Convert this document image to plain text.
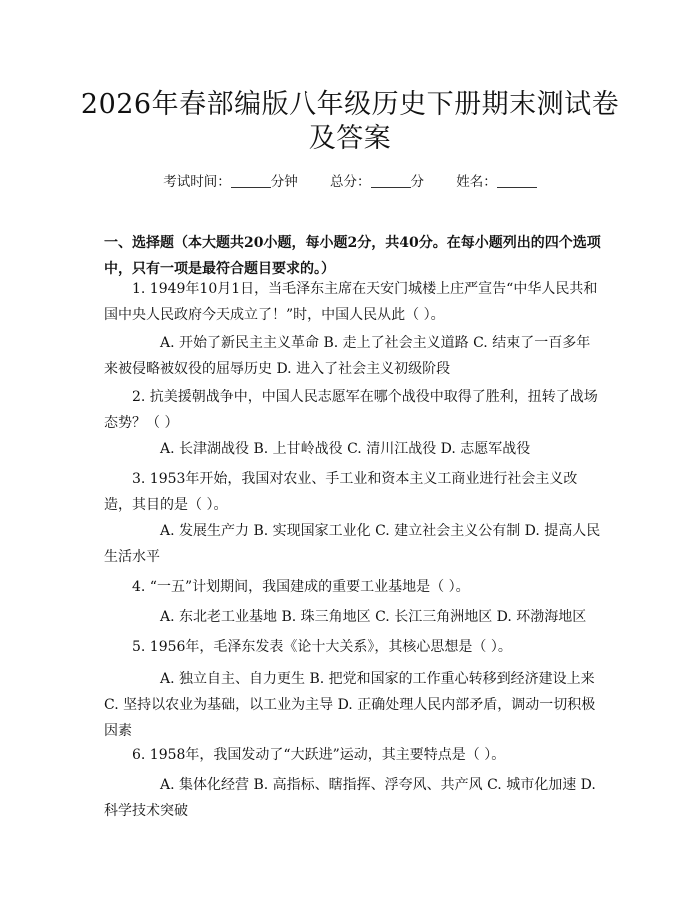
2026年春部编版八年级历史下册期末测试卷
及答案
考试时间：	分钟 总分：	分 姓名：
一、选择题（本大题共20小题，每小题2分，共40分。在每小题列出的四个选项中，只有一项是最符合题目要求的。）
1. 1949年10月1日，当毛泽东主席在天安门城楼上庄严宣告“中华人民共和国中央人民政府今天成立了！”时，中国人民从此（ ）。
A. 开始了新民主主义革命 B. 走上了社会主义道路 C. 结束了一百多年来被侵略被奴役的屈辱历史 D. 进入了社会主义初级阶段
2. 抗美援朝战争中，中国人民志愿军在哪个战役中取得了胜利，扭转了战场态势？（ ）
A. 长津湖战役 B. 上甘岭战役 C. 清川江战役 D. 志愿军战役
3. 1953年开始，我国对农业、手工业和资本主义工商业进行社会主义改造，其目的是（ ）。
A. 发展生产力 B. 实现国家工业化 C. 建立社会主义公有制 D. 提高人民生活水平
4. “一五”计划期间，我国建成的重要工业基地是（ ）。
A. 东北老工业基地 B. 珠三角地区 C. 长江三角洲地区 D. 环渤海地区
5. 1956年，毛泽东发表《论十大关系》，其核心思想是（ ）。
A. 独立自主、自力更生 B. 把党和国家的工作重心转移到经济建设上来 C. 坚持以农业为基础，以工业为主导 D. 正确处理人民内部矛盾，调动一切积极因素
6. 1958年，我国发动了“大跃进”运动，其主要特点是（ ）。
A. 集体化经营 B. 高指标、瞎指挥、浮夸风、共产风 C. 城市化加速 D. 科学技术突破
